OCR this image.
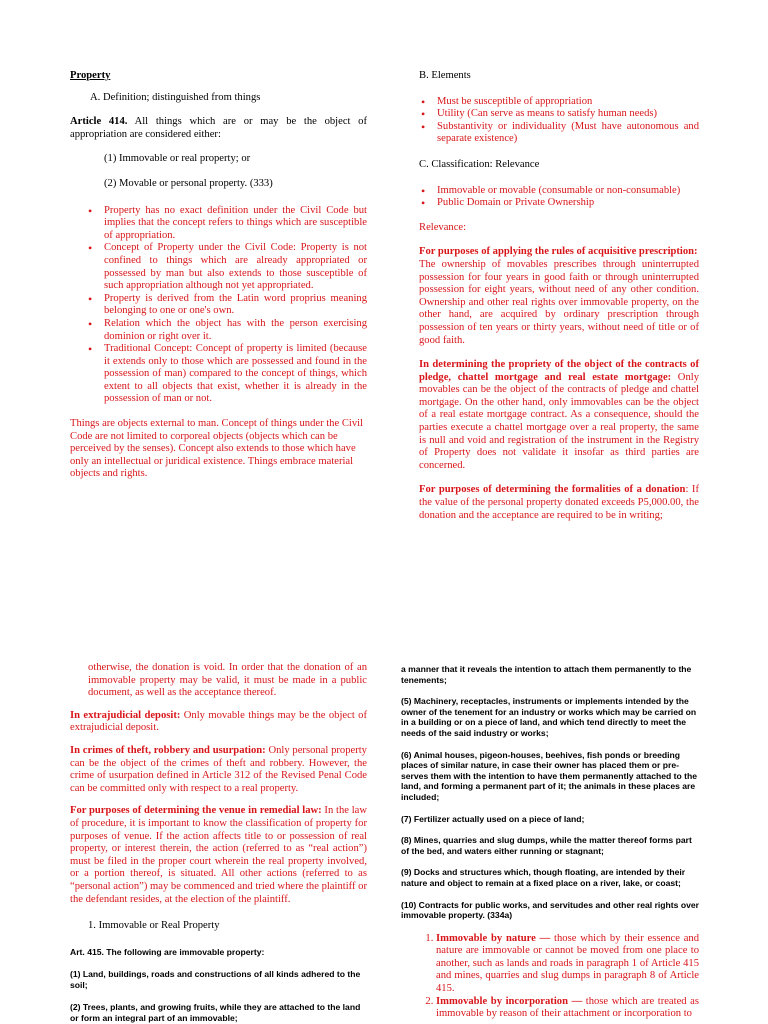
Property

A. Definition; distinguished from things

Article 414. All things which are or may be the object of appropriation are considered either:

(1) Immovable or real property; or

(2) Movable or personal property. (333)

• Property has no exact definition under the Civil Code but implies that the concept refers to things which are susceptible of appropriation.
• Concept of Property under the Civil Code: Property is not confined to things which are already appropriated or possessed by man but also extends to those susceptible of such appropriation although not yet appropriated.
• Property is derived from the Latin word proprius meaning belonging to one or one's own.
• Relation which the object has with the person exercising dominion or right over it.
• Traditional Concept: Concept of property is limited (because it extends only to those which are possessed and found in the possession of man) compared to the concept of things, which extent to all objects that exist, whether it is already in the possession of man or not.

Things are objects external to man. Concept of things under the Civil Code are not limited to corporeal objects (objects which can be perceived by the senses). Concept also extends to those which have only an intellectual or juridical existence. Things embrace material objects and rights.

B. Elements

• Must be susceptible of appropriation
• Utility (Can serve as means to satisfy human needs)
• Substantivity or individuality (Must have autonomous and separate existence)

C. Classification: Relevance

• Immovable or movable (consumable or non-consumable)
• Public Domain or Private Ownership

Relevance:

For purposes of applying the rules of acquisitive prescription:
The ownership of movables prescribes through uninterrupted possession for four years in good faith or through uninterrupted possession for eight years, without need of any other condition. Ownership and other real rights over immovable property, on the other hand, are acquired by ordinary prescription through possession of ten years or thirty years, without need of title or of good faith.

In determining the propriety of the object of the contracts of pledge, chattel mortgage and real estate mortgage: Only movables can be the object of the contracts of pledge and chattel mortgage. On the other hand, only immovables can be the object of a real estate mortgage contract. As a consequence, should the parties execute a chattel mortgage over a real property, the same is null and void and registration of the instrument in the Registry of Property does not validate it insofar as third parties are concerned.

For purposes of determining the formalities of a donation: If the value of the personal property donated exceeds P5,000.00, the donation and the acceptance are required to be in writing;

otherwise, the donation is void. In order that the donation of an immovable property may be valid, it must be made in a public document, as well as the acceptance thereof.

In extrajudicial deposit: Only movable things may be the object of extrajudicial deposit.

In crimes of theft, robbery and usurpation: Only personal property can be the object of the crimes of theft and robbery. However, the crime of usurpation defined in Article 312 of the Revised Penal Code can be committed only with respect to a real property.

For purposes of determining the venue in remedial law: In the law of procedure, it is important to know the classification of property for purposes of venue. If the action affects title to or possession of real property, or interest therein, the action (referred to as “real action”) must be filed in the proper court wherein the real property involved, or a portion thereof, is situated. All other actions (referred to as “personal action”) may be commenced and tried where the plaintiff or the defendant resides, at the election of the plaintiff.

1. Immovable or Real Property

Art. 415. The following are immovable property:

(1) Land, buildings, roads and constructions of all kinds adhered to the soil;

(2) Trees, plants, and growing fruits, while they are attached to the land or form an integral part of an immovable;

a manner that it reveals the intention to attach them permanently to the tenements;

(5) Machinery, receptacles, instruments or implements intended by the owner of the tenement for an industry or works which may be carried on in a building or on a piece of land, and which tend directly to meet the needs of the said industry or works;

(6) Animal houses, pigeon-houses, beehives, fish ponds or breeding places of similar nature, in case their owner has placed them or pre-serves them with the intention to have them permanently attached to the land, and forming a permanent part of it; the animals in these places are included;

(7) Fertilizer actually used on a piece of land;

(8) Mines, quarries and slug dumps, while the matter thereof forms part of the bed, and waters either running or stagnant;

(9) Docks and structures which, though floating, are intended by their nature and object to remain at a fixed place on a river, lake, or coast;

(10) Contracts for public works, and servitudes and other real rights over immovable property. (334a)

1. Immovable by nature — those which by their essence and nature are immovable or cannot be moved from one place to another, such as lands and roads in paragraph 1 of Article 415 and mines, quarries and slug dumps in paragraph 8 of Article 415.
2. Immovable by incorporation — those which are treated as immovable by reason of their attachment or incorporation to
